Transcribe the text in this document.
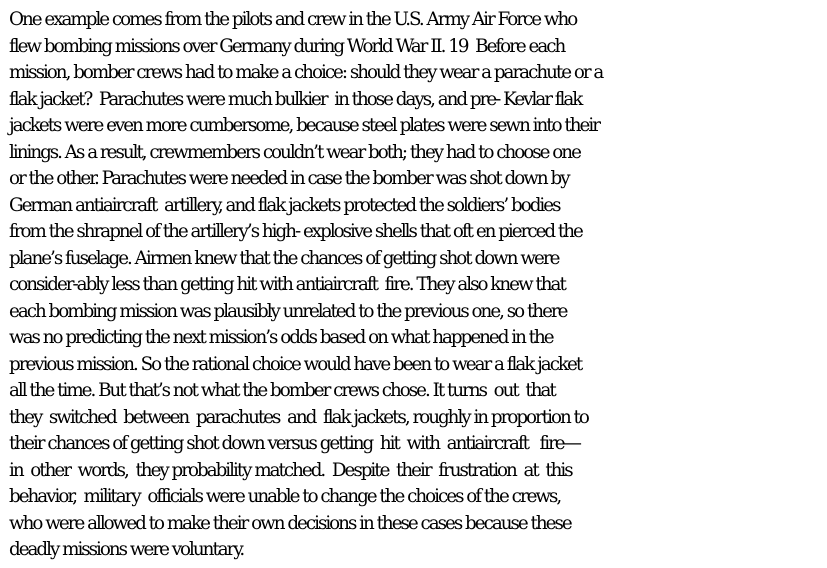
One example comes from the pilots and crew in the U.S. Army Air Force who
flew bombing missions over Germany during World War II. 19  Before each
mission, bomber crews had to make a choice: should they wear a parachute or a
flak jacket?  Parachutes were much bulkier  in those days, and pre- Kevlar flak
jackets were even more cumbersome, because steel plates were sewn into their
linings. As a result, crewmembers couldn’t wear both; they had to choose one
or the other. Parachutes were needed in case the bomber was shot down by
German antiaircraft  artillery, and flak jackets protected the soldiers’ bodies
from the shrapnel of the artillery’s high- explosive shells that oft en pierced the
plane’s fuselage. Airmen knew that the chances of getting shot down were
consider-ably less than getting hit with antiaircraft  fire. They also knew that
each bombing mission was plausibly unrelated to the previous one, so there
was no predicting the next mission’s odds based on what happened in the
previous mission. So the rational choice would have been to wear a flak jacket
all the time. But that’s not what the bomber crews chose. It turns  out  that
they  switched  between  parachutes  and  flak jackets, roughly in proportion to
their chances of getting shot down versus getting  hit  with  antiaircraft   fire—
in  other  words,  they probability matched.  Despite  their  frustration  at  this
behavior,  military  officials were unable to change the choices of the crews,
who were allowed to make their own decisions in these cases because these
deadly missions were voluntary.
